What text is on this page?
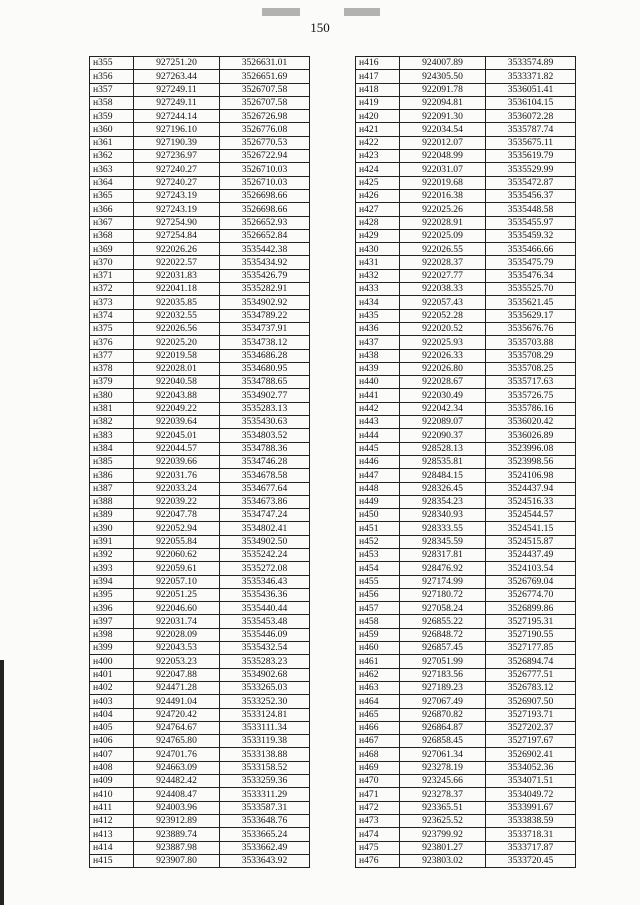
150
н355	927251.20	3526631.01
н356	927263.44	3526651.69
н357	927249.11	3526707.58
н358	927249.11	3526707.58
н359	927244.14	3526726.98
н360	927196.10	3526776.08
н361	927190.39	3526770.53
н362	927236.97	3526722.94
н363	927240.27	3526710.03
н364	927240.27	3526710.03
н365	927243.19	3526698.66
н366	927243.19	3526698.66
н367	927254.90	3526652.93
н368	927254.84	3526652.84
н369	922026.26	3535442.38
н370	922022.57	3535434.92
н371	922031.83	3535426.79
н372	922041.18	3535282.91
н373	922035.85	3534902.92
н374	922032.55	3534789.22
н375	922026.56	3534737.91
н376	922025.20	3534738.12
н377	922019.58	3534686.28
н378	922028.01	3534680.95
н379	922040.58	3534788.65
н380	922043.88	3534902.77
н381	922049.22	3535283.13
н382	922039.64	3535430.63
н383	922045.01	3534803.52
н384	922044.57	3534788.36
н385	922039.66	3534746.28
н386	922031.76	3534678.58
н387	922033.24	3534677.64
н388	922039.22	3534673.86
н389	922047.78	3534747.24
н390	922052.94	3534802.41
н391	922055.84	3534902.50
н392	922060.62	3535242.24
н393	922059.61	3535272.08
н394	922057.10	3535346.43
н395	922051.25	3535436.36
н396	922046.60	3535440.44
н397	922031.74	3535453.48
н398	922028.09	3535446.09
н399	922043.53	3535432.54
н400	922053.23	3535283.23
н401	922047.88	3534902.68
н402	924471.28	3533265.03
н403	924491.04	3533252.30
н404	924720.42	3533124.81
н405	924764.67	3533111.34
н406	924765.80	3533119.38
н407	924701.76	3533138.88
н408	924663.09	3533158.52
н409	924482.42	3533259.36
н410	924408.47	3533311.29
н411	924003.96	3533587.31
н412	923912.89	3533648.76
н413	923889.74	3533665.24
н414	923887.98	3533662.49
н415	923907.80	3533643.92
н416	924007.89	3533574.89
н417	924305.50	3533371.82
н418	922091.78	3536051.41
н419	922094.81	3536104.15
н420	922091.30	3536072.28
н421	922034.54	3535787.74
н422	922012.07	3535675.11
н423	922048.99	3535619.79
н424	922031.07	3535529.99
н425	922019.68	3535472.87
н426	922016.38	3535456.37
н427	922025.26	3535448.58
н428	922028.91	3535455.97
н429	922025.09	3535459.32
н430	922026.55	3535466.66
н431	922028.37	3535475.79
н432	922027.77	3535476.34
н433	922038.33	3535525.70
н434	922057.43	3535621.45
н435	922052.28	3535629.17
н436	922020.52	3535676.76
н437	922025.93	3535703.88
н438	922026.33	3535708.29
н439	922026.80	3535708.25
н440	922028.67	3535717.63
н441	922030.49	3535726.75
н442	922042.34	3535786.16
н443	922089.07	3536020.42
н444	922090.37	3536026.89
н445	928528.13	3523996.08
н446	928535.81	3523998.56
н447	928484.15	3524106.98
н448	928326.45	3524437.94
н449	928354.23	3524516.33
н450	928340.93	3524544.57
н451	928333.55	3524541.15
н452	928345.59	3524515.87
н453	928317.81	3524437.49
н454	928476.92	3524103.54
н455	927174.99	3526769.04
н456	927180.72	3526774.70
н457	927058.24	3526899.86
н458	926855.22	3527195.31
н459	926848.72	3527190.55
н460	926857.45	3527177.85
н461	927051.99	3526894.74
н462	927183.56	3526777.51
н463	927189.23	3526783.12
н464	927067.49	3526907.50
н465	926870.82	3527193.71
н466	926864.87	3527202.37
н467	926858.45	3527197.67
н468	927061.34	3526902.41
н469	923278.19	3534052.36
н470	923245.66	3534071.51
н471	923278.37	3534049.72
н472	923365.51	3533991.67
н473	923625.52	3533838.59
н474	923799.92	3533718.31
н475	923801.27	3533717.87
н476	923803.02	3533720.45
